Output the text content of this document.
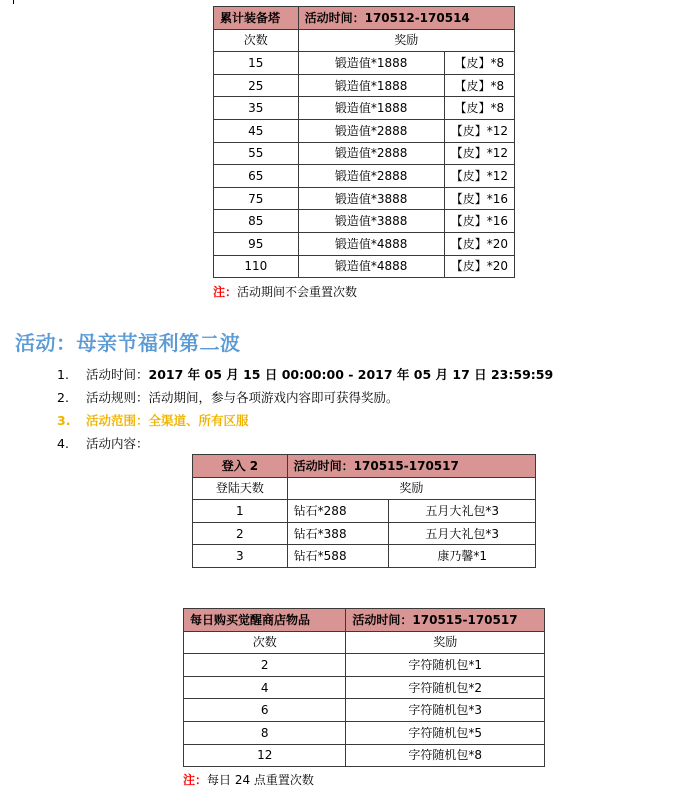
累计装备塔	活动时间：170512-170514	
次数	奖励	
15	锻造值*1888	【皮】*8
25	锻造值*1888	【皮】*8
35	锻造值*1888	【皮】*8
45	锻造值*2888	【皮】*12
55	锻造值*2888	【皮】*12
65	锻造值*2888	【皮】*12
75	锻造值*3888	【皮】*16
85	锻造值*3888	【皮】*16
95	锻造值*4888	【皮】*20
110	锻造值*4888	【皮】*20
注：活动期间不会重置次数
活动：母亲节福利第二波
1. 活动时间：2017 年 05 月 15 日 00:00:00 - 2017 年 05 月 17 日 23:59:59
2. 活动规则：活动期间，参与各项游戏内容即可获得奖励。
3. 活动范围：全渠道、所有区服
4. 活动内容：
登入 2	活动时间：170515-170517	
登陆天数	奖励	
1	钻石*288	五月大礼包*3
2	钻石*388	五月大礼包*3
3	钻石*588	康乃馨*1
每日购买觉醒商店物品	活动时间：170515-170517
次数	奖励
2	字符随机包*1
4	字符随机包*2
6	字符随机包*3
8	字符随机包*5
12	字符随机包*8
注：每日 24 点重置次数
